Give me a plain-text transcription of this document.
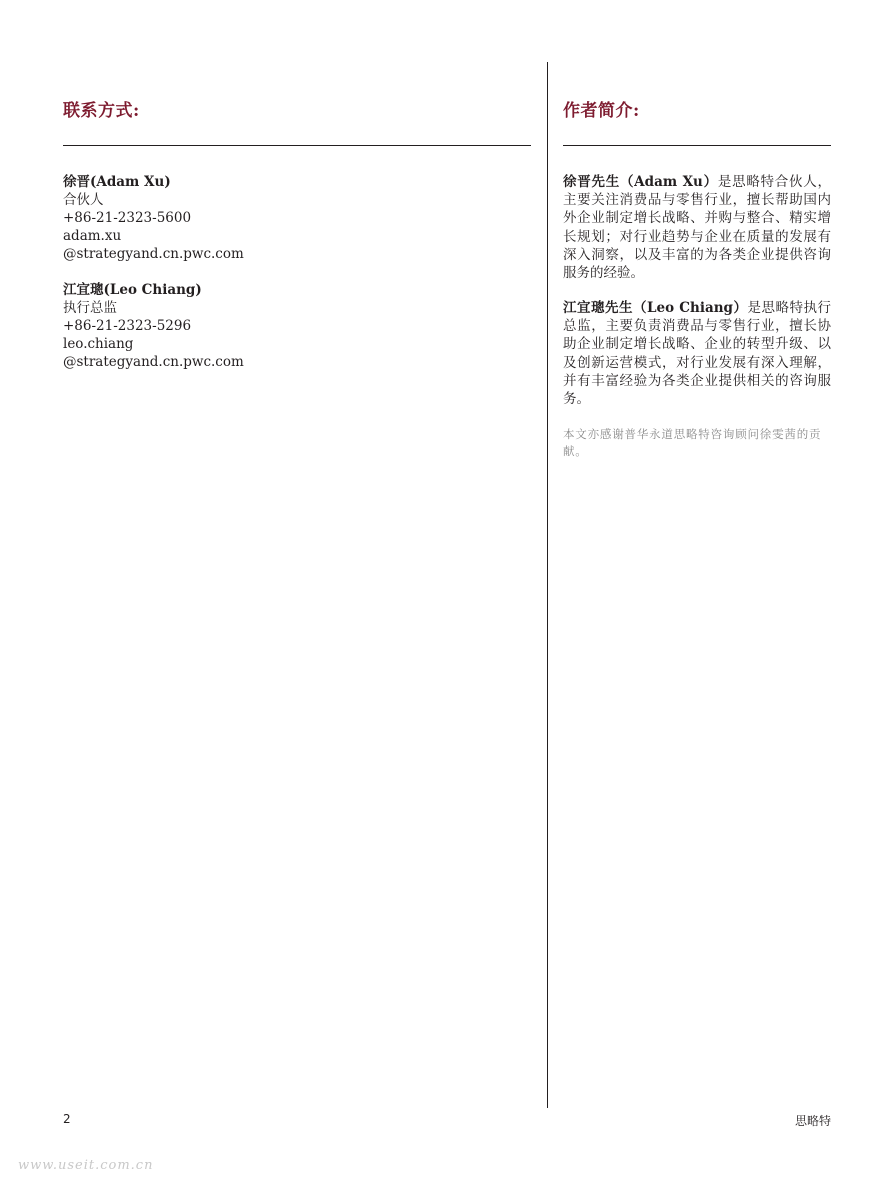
联系方式:	作者简介:
徐晋(Adam Xu)
合伙人
+86-21-2323-5600
adam.xu
@strategyand.cn.pwc.com
江宜璁(Leo Chiang)
执行总监
+86-21-2323-5296
leo.chiang
@strategyand.cn.pwc.com
徐晋先生（Adam Xu）是思略特合伙人，主要关注消费品与零售行业，擅长帮助国内外企业制定增长战略、并购与整合、精实增长规划；对行业趋势与企业在质量的发展有深入洞察，以及丰富的为各类企业提供咨询服务的经验。
江宜璁先生（Leo Chiang）是思略特执行总监，主要负责消费品与零售行业，擅长协助企业制定增长战略、企业的转型升级、以及创新运营模式，对行业发展有深入理解，并有丰富经验为各类企业提供相关的咨询服务。
本文亦感谢普华永道思略特咨询顾问徐雯茜的贡献。
2	思略特
www.useit.com.cn
